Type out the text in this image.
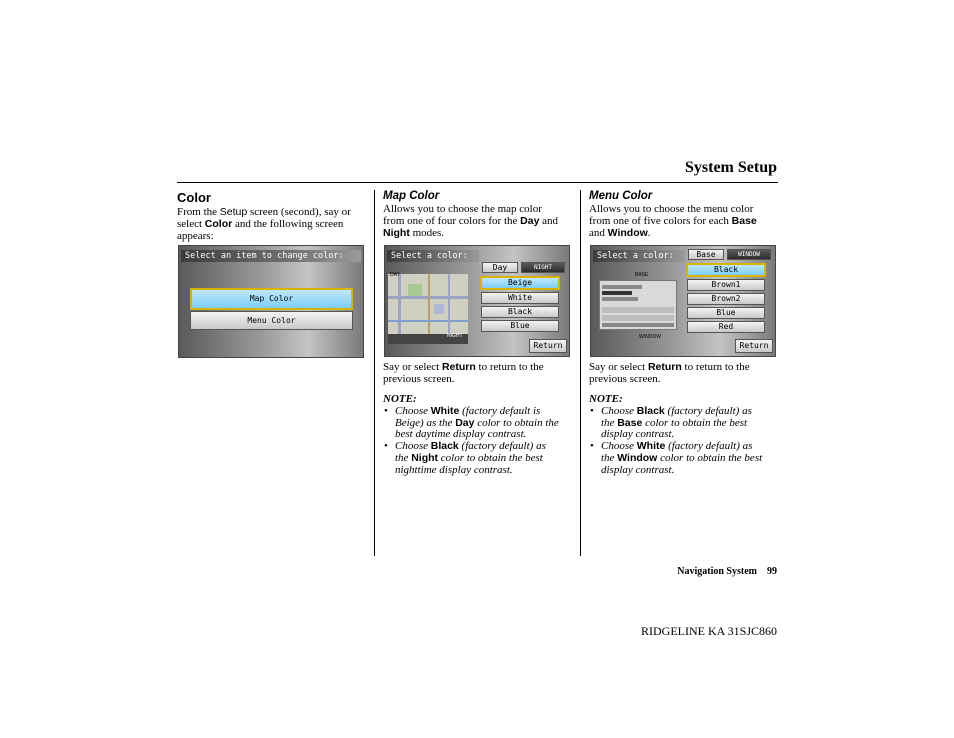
System Setup
Color
From the Setup screen (second), say or
select Color and the following screen
appears:
Select an item to change color:
Map Color
Menu Color
Map Color
Allows you to choose the map color
from one of four colors for the Day and
Night modes.
Select a color:
DAY
NIGHT
Day	NIGHT
Beige
White
Black
Blue
Return
Say or select Return to return to the
previous screen.
NOTE:
• Choose White (factory default is
Beige) as the Day color to obtain the
best daytime display contrast.
• Choose Black (factory default) as
the Night color to obtain the best
nighttime display contrast.
Menu Color
Allows you to choose the menu color
from one of five colors for each Base
and Window.
Select a color:
BASE
WINDOW
Base	WINDOW
Black
Brown1
Brown2
Blue
Red
Return
Say or select Return to return to the
previous screen.
NOTE:
• Choose Black (factory default) as
the Base color to obtain the best
display contrast.
• Choose White (factory default) as
the Window color to obtain the best
display contrast.
Navigation System 99
RIDGELINE KA 31SJC860
